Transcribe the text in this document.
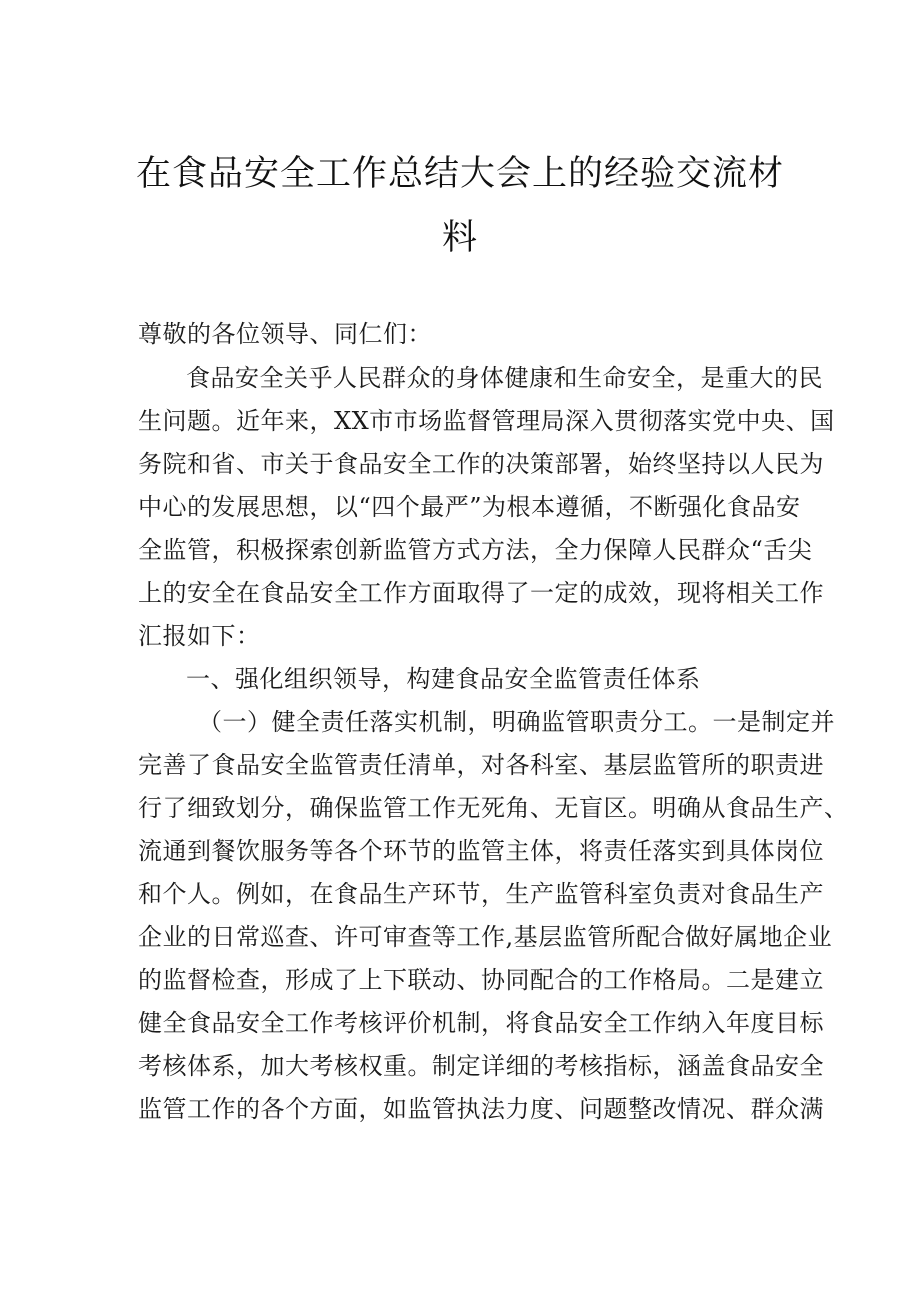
在食品安全工作总结大会上的经验交流材
料
尊敬的各位领导、同仁们：
食品安全关乎人民群众的身体健康和生命安全，是重大的民
生问题。近年来，XX市市场监督管理局深入贯彻落实党中央、国
务院和省、市关于食品安全工作的决策部署，始终坚持以人民为
中心的发展思想，以“四个最严”为根本遵循，不断强化食品安
全监管，积极探索创新监管方式方法，全力保障人民群众“舌尖
上的安全在食品安全工作方面取得了一定的成效，现将相关工作
汇报如下：
一、强化组织领导，构建食品安全监管责任体系
（一）健全责任落实机制，明确监管职责分工。一是制定并
完善了食品安全监管责任清单，对各科室、基层监管所的职责进
行了细致划分，确保监管工作无死角、无盲区。明确从食品生产、
流通到餐饮服务等各个环节的监管主体，将责任落实到具体岗位
和个人。例如，在食品生产环节，生产监管科室负责对食品生产
企业的日常巡查、许可审查等工作,基层监管所配合做好属地企业
的监督检查，形成了上下联动、协同配合的工作格局。二是建立
健全食品安全工作考核评价机制，将食品安全工作纳入年度目标
考核体系，加大考核权重。制定详细的考核指标，涵盖食品安全
监管工作的各个方面，如监管执法力度、问题整改情况、群众满
